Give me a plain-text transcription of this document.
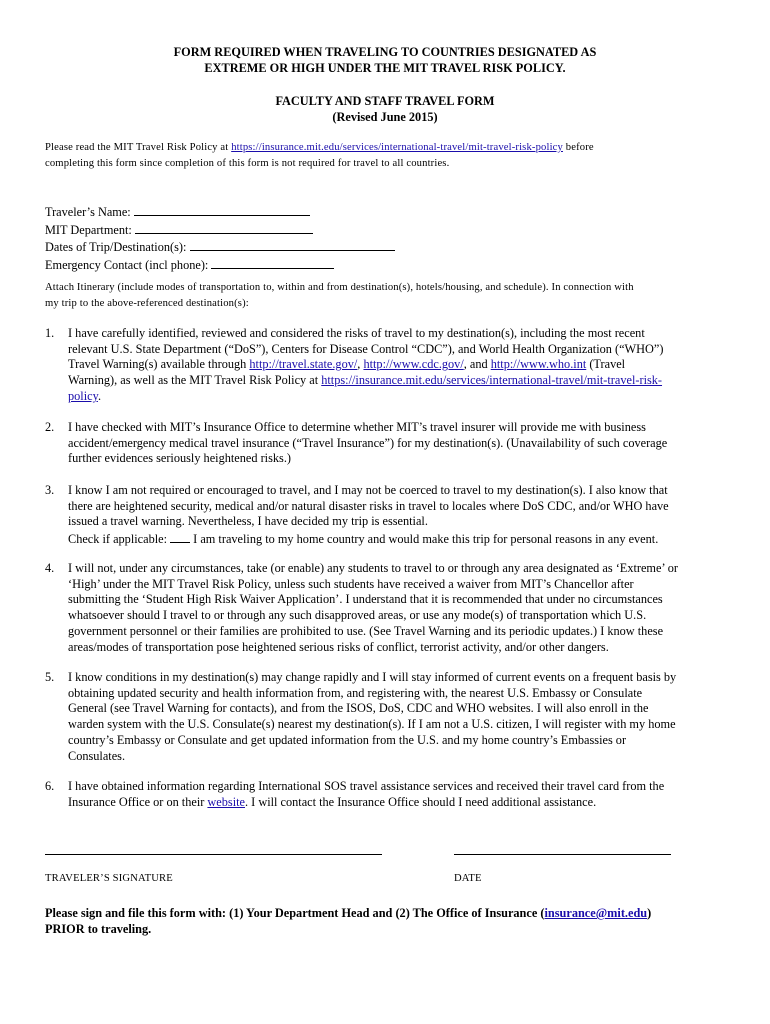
FORM REQUIRED WHEN TRAVELING TO COUNTRIES DESIGNATED AS
EXTREME OR HIGH UNDER THE MIT TRAVEL RISK POLICY.
FACULTY AND STAFF TRAVEL FORM
(Revised June 2015)
Please read the MIT Travel Risk Policy at https://insurance.mit.edu/services/international-travel/mit-travel-risk-policy before
completing this form since completion of this form is not required for travel to all countries.
Traveler’s Name:
MIT Department:
Dates of Trip/Destination(s):
Emergency Contact (incl phone):
Attach Itinerary (include modes of transportation to, within and from destination(s), hotels/housing, and schedule). In connection with
my trip to the above-referenced destination(s):
1.	I have carefully identified, reviewed and considered the risks of travel to my destination(s), including the most recent
relevant U.S. State Department (“DoS”), Centers for Disease Control “CDC”), and World Health Organization (“WHO”)
Travel Warning(s) available through http://travel.state.gov/, http://www.cdc.gov/, and http://www.who.int (Travel
Warning), as well as the MIT Travel Risk Policy at https://insurance.mit.edu/services/international-travel/mit-travel-risk-
policy.
2.	I have checked with MIT’s Insurance Office to determine whether MIT’s travel insurer will provide me with business
accident/emergency medical travel insurance (“Travel Insurance”) for my destination(s). (Unavailability of such coverage
further evidences seriously heightened risks.)
3.	I know I am not required or encouraged to travel, and I may not be coerced to travel to my destination(s). I also know that
there are heightened security, medical and/or natural disaster risks in travel to locales where DoS CDC, and/or WHO have
issued a travel warning. Nevertheless, I have decided my trip is essential.
Check if applicable:  I am traveling to my home country and would make this trip for personal reasons in any event.
4.	I will not, under any circumstances, take (or enable) any students to travel to or through any area designated as ‘Extreme’ or
‘High’ under the MIT Travel Risk Policy, unless such students have received a waiver from MIT’s Chancellor after
submitting the ‘Student High Risk Waiver Application’. I understand that it is recommended that under no circumstances
whatsoever should I travel to or through any such disapproved areas, or use any mode(s) of transportation which U.S.
government personnel or their families are prohibited to use. (See Travel Warning and its periodic updates.) I know these
areas/modes of transportation pose heightened serious risks of conflict, terrorist activity, and/or other dangers.
5.	I know conditions in my destination(s) may change rapidly and I will stay informed of current events on a frequent basis by
obtaining updated security and health information from, and registering with, the nearest U.S. Embassy or Consulate
General (see Travel Warning for contacts), and from the ISOS, DoS, CDC and WHO websites. I will also enroll in the
warden system with the U.S. Consulate(s) nearest my destination(s). If I am not a U.S. citizen, I will register with my home
country’s Embassy or Consulate and get updated information from the U.S. and my home country’s Embassies or
Consulates.
6.	I have obtained information regarding International SOS travel assistance services and received their travel card from the
Insurance Office or on their website. I will contact the Insurance Office should I need additional assistance.
TRAVELER’S SIGNATURE	DATE
Please sign and file this form with: (1) Your Department Head and (2) The Office of Insurance (insurance@mit.edu)
PRIOR to traveling.
